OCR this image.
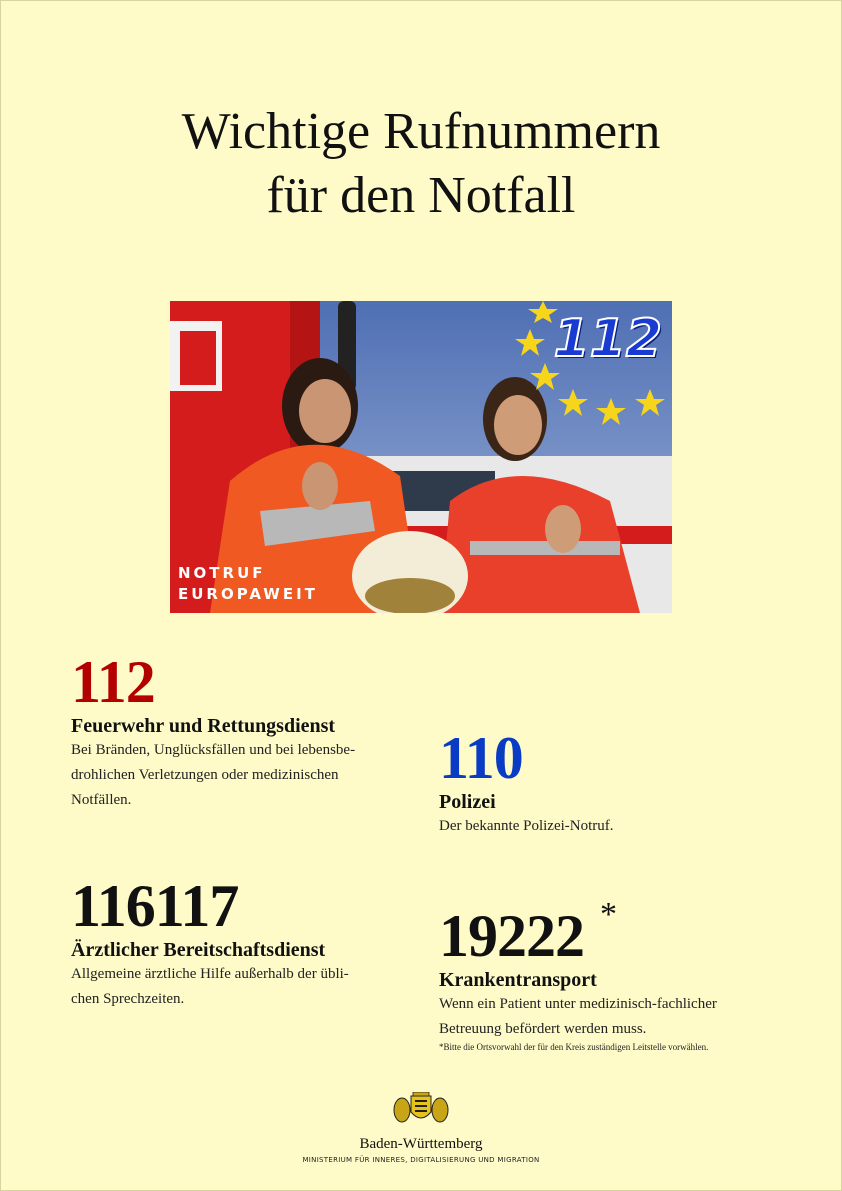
Wichtige Rufnummern
für den Notfall
112
NOTRUF
EUROPAWEIT
112
Feuerwehr und Rettungsdienst
Bei Bränden, Unglücksfällen und bei lebensbe-
drohlichen Verletzungen oder medizinischen
Notfällen.
110
Polizei
Der bekannte Polizei-Notruf.
116117
Ärztlicher Bereitschaftsdienst
Allgemeine ärztliche Hilfe außerhalb der übli-
chen Sprechzeiten.
19222
Krankentransport
Wenn ein Patient unter medizinisch-fachlicher
Betreuung befördert werden muss.
*Bitte die Ortsvorwahl der für den Kreis zuständigen Leitstelle vorwählen.
*
Baden-Württemberg
MINISTERIUM FÜR INNERES, DIGITALISIERUNG UND MIGRATION
